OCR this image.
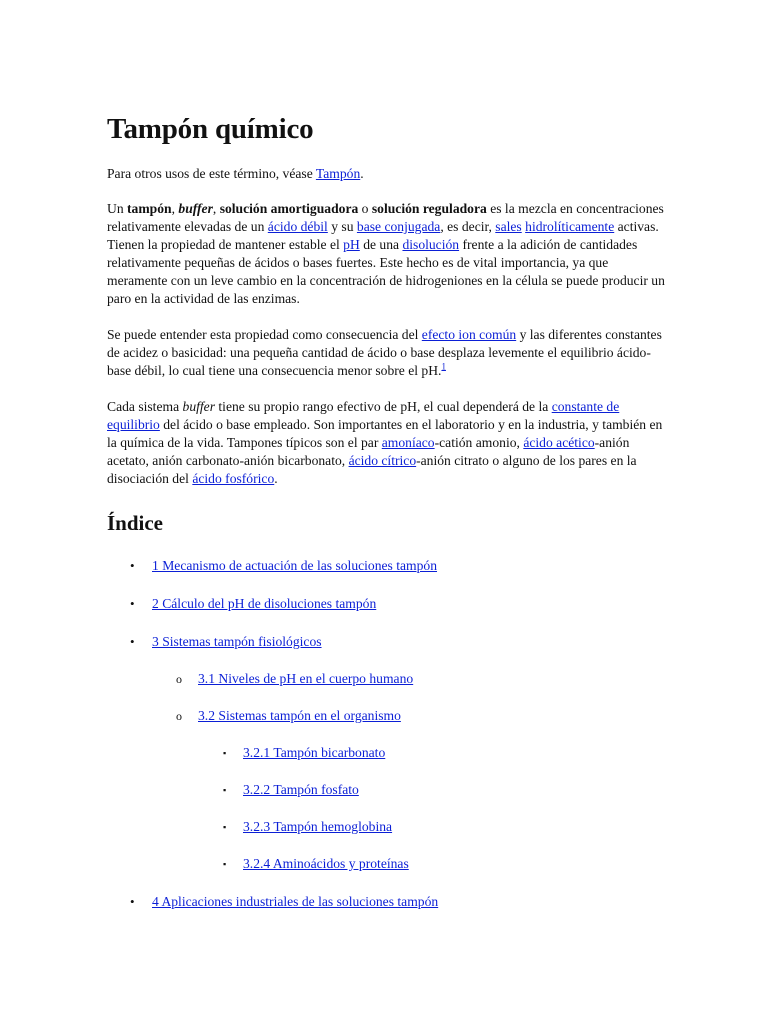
Tampón químico

Para otros usos de este término, véase Tampón.

Un tampón, buffer, solución amortiguadora o solución reguladora es la mezcla en concentraciones relativamente elevadas de un ácido débil y su base conjugada, es decir, sales hidrolíticamente activas. Tienen la propiedad de mantener estable el pH de una disolución frente a la adición de cantidades relativamente pequeñas de ácidos o bases fuertes. Este hecho es de vital importancia, ya que meramente con un leve cambio en la concentración de hidrogeniones en la célula se puede producir un paro en la actividad de las enzimas.

Se puede entender esta propiedad como consecuencia del efecto ion común y las diferentes constantes de acidez o basicidad: una pequeña cantidad de ácido o base desplaza levemente el equilibrio ácido-base débil, lo cual tiene una consecuencia menor sobre el pH.$^1$

Cada sistema buffer tiene su propio rango efectivo de pH, el cual dependerá de la constante de equilibrio del ácido o base empleado. Son importantes en el laboratorio y en la industria, y también en la química de la vida. Tampones típicos son el par amoníaco-catión amonio, ácido acético-anión acetato, anión carbonato-anión bicarbonato, ácido cítrico-anión citrato o alguno de los pares en la disociación del ácido fosfórico.

Índice
• 1 Mecanismo de actuación de las soluciones tampón
• 2 Cálculo del pH de disoluciones tampón
• 3 Sistemas tampón fisiológicos
o 3.1 Niveles de pH en el cuerpo humano
o 3.2 Sistemas tampón en el organismo
▪ 3.2.1 Tampón bicarbonato
▪ 3.2.2 Tampón fosfato
▪ 3.2.3 Tampón hemoglobina
▪ 3.2.4 Aminoácidos y proteínas
• 4 Aplicaciones industriales de las soluciones tampón
